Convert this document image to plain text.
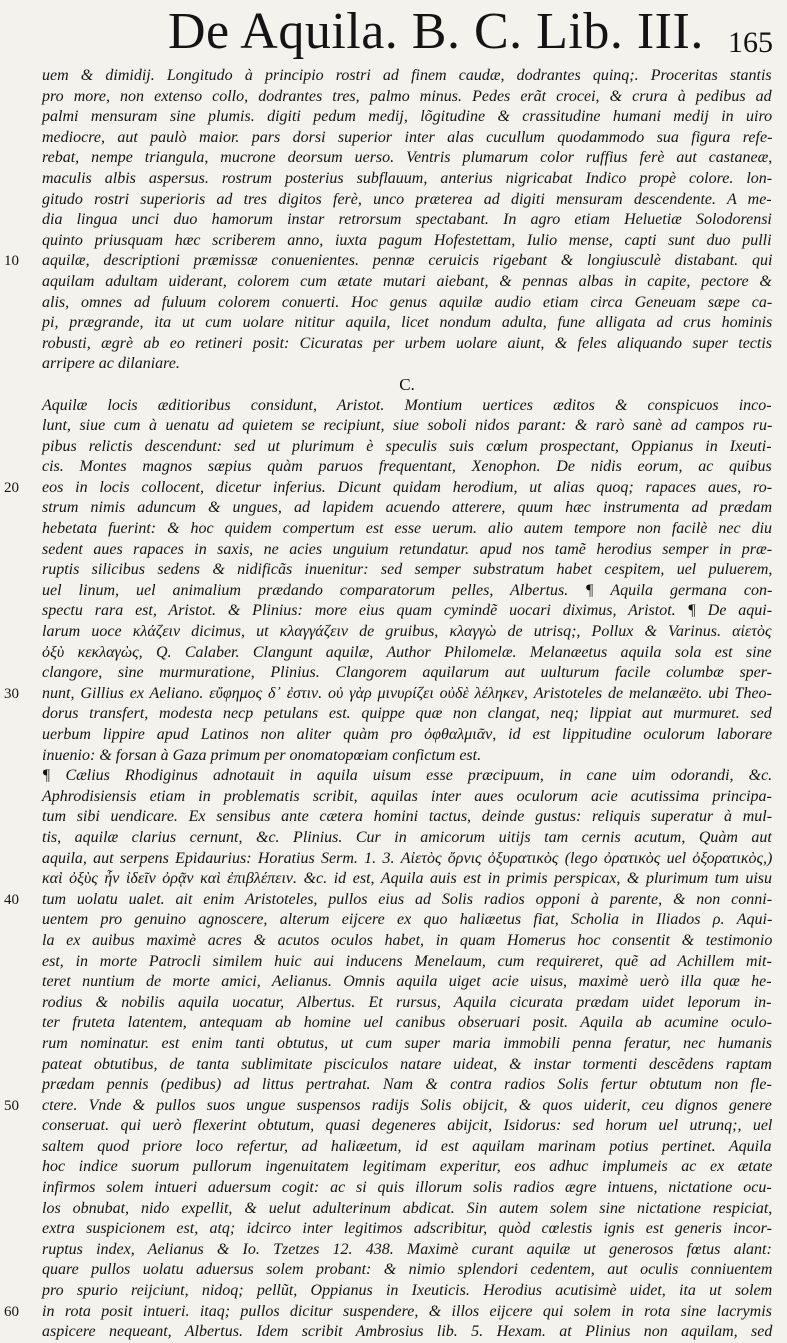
De Aquila. B. C. Lib. III. 165
uem & dimidij. Longitudo à principio rostri ad finem caudæ, dodrantes quinq;. Proceritas stantis
pro more, non extenso collo, dodrantes tres, palmo minus. Pedes erãt crocei, & crura à pedibus ad
palmi mensuram sine plumis. digiti pedum medij, lõgitudine & crassitudine humani medij in uiro
mediocre, aut paulò maior. pars dorsi superior inter alas cucullum quodammodo sua figura refe-
rebat, nempe triangula, mucrone deorsum uerso. Ventris plumarum color ruffius ferè aut castaneæ,
maculis albis aspersus. rostrum posterius subflauum, anterius nigricabat Indico propè colore. lon-
gitudo rostri superioris ad tres digitos ferè, unco præterea ad digiti mensuram descendente. A me-
dia lingua unci duo hamorum instar retrorsum spectabant. In agro etiam Heluetiæ Solodorensi
quinto priusquam hæc scriberem anno, iuxta pagum Hofestettam, Iulio mense, capti sunt duo pulli
10	aquilæ, descriptioni præmissæ conuenientes. pennæ ceruicis rigebant & longiusculè distabant. qui
aquilam adultam uiderant, colorem cum ætate mutari aiebant, & pennas albas in capite, pectore &
alis, omnes ad fuluum colorem conuerti. Hoc genus aquilæ audio etiam circa Geneuam sæpe ca-
pi, prægrande, ita ut cum uolare nititur aquila, licet nondum adulta, fune alligata ad crus hominis
robusti, ægrè ab eo retineri posit: Cicuratas per urbem uolare aiunt, & feles aliquando super tectis
arripere ac dilaniare.
C.
Aquilæ locis æditioribus considunt, Aristot. Montium uertices æditos & conspicuos inco-
lunt, siue cum à uenatu ad quietem se recipiunt, siue soboli nidos parant: & rarò sanè ad campos ru-
pibus relictis descendunt: sed ut plurimum è speculis suis cœlum prospectant, Oppianus in Ixeuti-
cis. Montes magnos sæpius quàm paruos frequentant, Xenophon. De nidis eorum, ac quibus
20	eos in locis collocent, dicetur inferius. Dicunt quidam herodium, ut alias quoq; rapaces aues, ro-
strum nimis aduncum & ungues, ad lapidem acuendo atterere, quum hæc instrumenta ad prædam
hebetata fuerint: & hoc quidem compertum est esse uerum. alio autem tempore non facilè nec diu
sedent aues rapaces in saxis, ne acies unguium retundatur. apud nos tamẽ herodius semper in præ-
ruptis silicibus sedens & nidificãs inuenitur: sed semper substratum habet cespitem, uel puluerem,
uel linum, uel animalium prædando comparatorum pelles, Albertus. ¶ Aquila germana con-
spectu rara est, Aristot. & Plinius: more eius quam cymindẽ uocari diximus, Aristot. ¶ De aqui-
larum uoce κλάζειν dicimus, ut κλαγγάζειν de gruibus, κλαγγὼ de utrisq;, Pollux & Varinus. αἰετὸς
ὀξὺ κεκλαγὼς, Q. Calaber. Clangunt aquilæ, Author Philomelæ. Melanæetus aquila sola est sine
clangore, sine murmuratione, Plinius. Clangorem aquilarum aut uulturum facile columbæ sper-
30	nunt, Gillius ex Aeliano. εὔφημος δ᾽ ἐστιν. οὐ γὰρ μινυρίζει οὐδὲ λέληκεν, Aristoteles de melanæëto. ubi Theo-
dorus transfert, modesta necp petulans est. quippe quæ non clangat, neq; lippiat aut murmuret. sed
uerbum lippire apud Latinos non aliter quàm pro ὀφθαλμιᾶν, id est lippitudine oculorum laborare
inuenio: & forsan à Gaza primum per onomatopœiam confictum est.
¶ Cælius Rhodiginus adnotauit in aquila uisum esse præcipuum, in cane uim odorandi, &c.
Aphrodisiensis etiam in problematis scribit, aquilas inter aues oculorum acie acutissima principa-
tum sibi uendicare. Ex sensibus ante cætera homini tactus, deinde gustus: reliquis superatur à mul-
tis, aquilæ clarius cernunt, &c. Plinius. Cur in amicorum uitijs tam cernis acutum, Quàm aut
aquila, aut serpens Epidaurius: Horatius Serm. 1. 3. Αἰετὸς ὄρνις ὀξυρατικὸς (lego ὀρατικὸς uel ὀξορατικὸς,)
καὶ ὀξὺς ἦν ἰδεῖν ὀρᾷν καὶ ἐπιβλέπειν. &c. id est, Aquila auis est in primis perspicax, & plurimum tum uisu
40	tum uolatu ualet. ait enim Aristoteles, pullos eius ad Solis radios opponi à parente, & non conni-
uentem pro genuino agnoscere, alterum eijcere ex quo haliæetus fiat, Scholia in Iliados ρ. Aqui-
la ex auibus maximè acres & acutos oculos habet, in quam Homerus hoc consentit & testimonio
est, in morte Patrocli similem huic aui inducens Menelaum, cum requireret, quẽ ad Achillem mit-
teret nuntium de morte amici, Aelianus. Omnis aquila uiget acie uisus, maximè uerò illa quæ he-
rodius & nobilis aquila uocatur, Albertus. Et rursus, Aquila cicurata prædam uidet leporum in-
ter fruteta latentem, antequam ab homine uel canibus obseruari posit. Aquila ab acumine oculo-
rum nominatur. est enim tanti obtutus, ut cum super maria immobili penna feratur, nec humanis
pateat obtutibus, de tanta sublimitate pisciculos natare uideat, & instar tormenti descẽdens raptam
prædam pennis (pedibus) ad littus pertrahat. Nam & contra radios Solis fertur obtutum non fle-
50	ctere. Vnde & pullos suos ungue suspensos radijs Solis obijcit, & quos uiderit, ceu dignos genere
conseruat. qui uerò flexerint obtutum, quasi degeneres abijcit, Isidorus: sed horum uel utrunq;, uel
saltem quod priore loco refertur, ad haliæetum, id est aquilam marinam potius pertinet. Aquila
hoc indice suorum pullorum ingenuitatem legitimam experitur, eos adhuc implumeis ac ex ætate
infirmos solem intueri aduersum cogit: ac si quis illorum solis radios ægre intuens, nictatione ocu-
los obnubat, nido expellit, & uelut adulterinum abdicat. Sin autem solem sine nictatione respiciat,
extra suspicionem est, atq; idcirco inter legitimos adscribitur, quòd cœlestis ignis est generis incor-
ruptus index, Aelianus & Io. Tzetzes 12. 438. Maximè curant aquilæ ut generosos fœtus alant:
quare pullos uolatu aduersus solem probant: & nimio splendori cedentem, aut oculis conniuentem
pro spurio reijciunt, nidoq; pellũt, Oppianus in Ixeuticis. Herodius acutisimè uidet, ita ut solem
60	in rota posit intueri. itaq; pullos dicitur suspendere, & illos eijcere qui solem in rota sine lacrymis
aspicere nequeant, Albertus. Idem scribit Ambrosius lib. 5. Hexam. at Plinius non aquilam, sed
